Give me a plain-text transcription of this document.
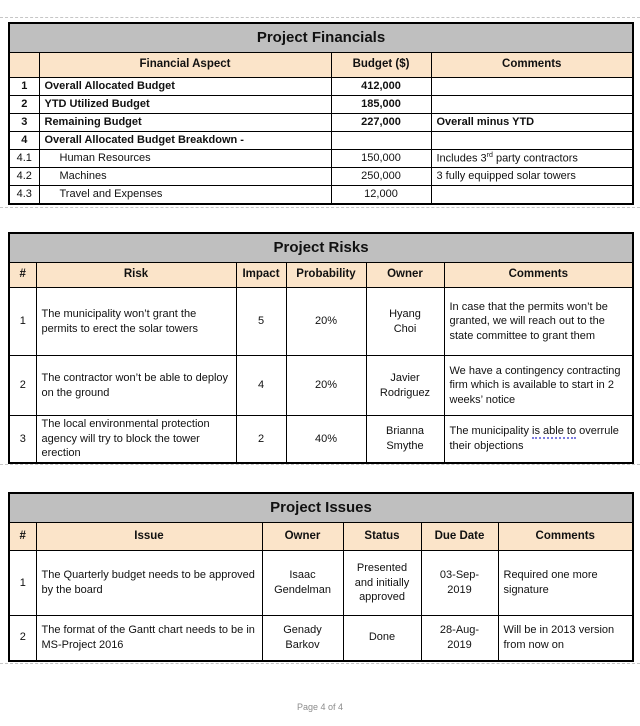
Project Financials			
	Financial Aspect	Budget ($)	Comments
1	Overall Allocated Budget	412,000	
2	YTD Utilized Budget	185,000	
3	Remaining Budget	227,000	Overall minus YTD
4	Overall Allocated Budget Breakdown -		
4.1	Human Resources	150,000	Includes 3rd party contractors
4.2	Machines	250,000	3 fully equipped solar towers
4.3	Travel and Expenses	12,000	
Project Risks					
#	Risk	Impact	Probability	Owner	Comments
1	The municipality won’t grant the permits to erect the solar towers	5	20%	Hyang Choi	In case that the permits won’t be granted, we will reach out to the state committee to grant them
2	The contractor won’t be able to deploy on the ground	4	20%	Javier Rodriguez	We have a contingency contracting firm which is available to start in 2 weeks’ notice
3	The local environmental protection agency will try to block the tower erection	2	40%	Brianna Smythe	The municipality is able to overrule their objections
Project Issues					
#	Issue	Owner	Status	Due Date	Comments
1	The Quarterly budget needs to be approved by the board	Isaac Gendelman	Presented and initially approved	03-Sep-2019	Required one more signature
2	The format of the Gantt chart needs to be in MS-Project 2016	Genady Barkov	Done	28-Aug-2019	Will be in 2013 version from now on
Page 4 of 4
